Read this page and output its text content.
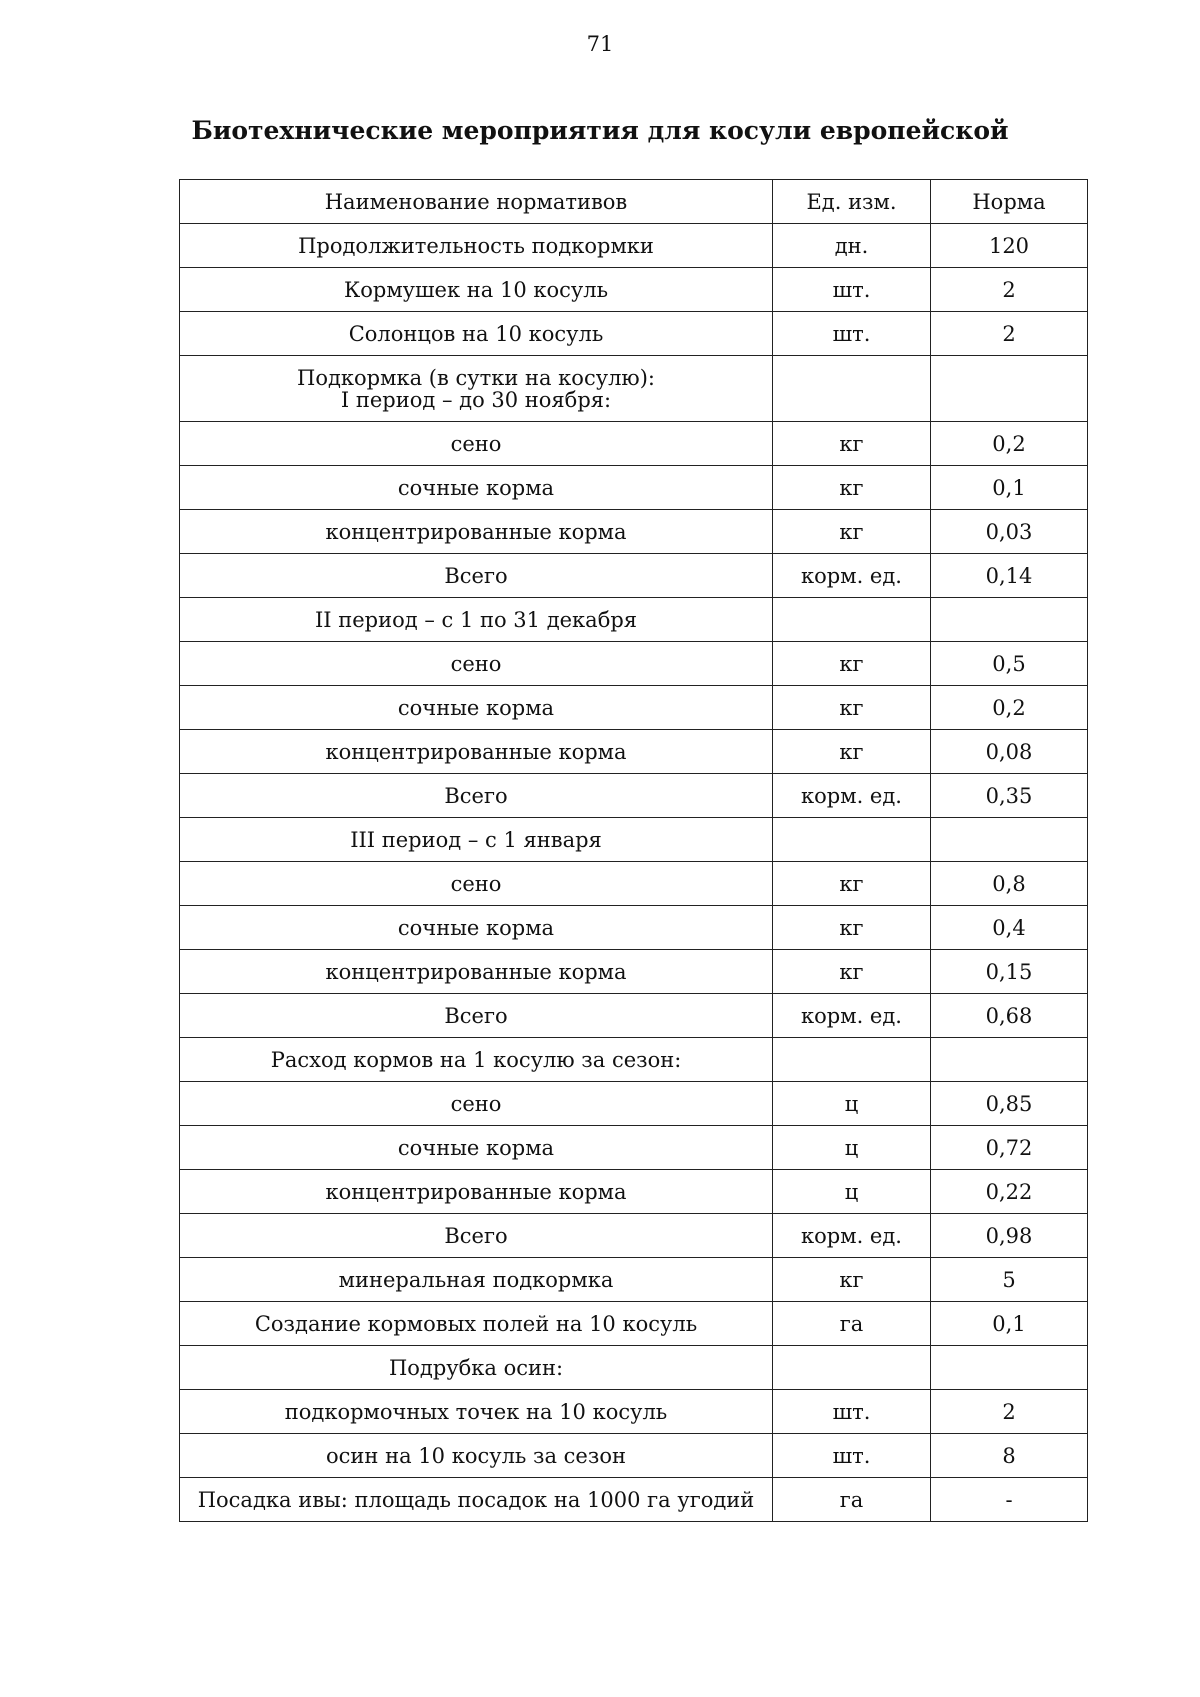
71
Биотехнические мероприятия для косули европейской
Наименование нормативов	Ед. изм.	Норма

Продолжительность подкормки	дн.	120

Кормушек на 10 косуль	шт.	2

Солонцов на 10 косуль	шт.	2

Подкормка (в сутки на косулю):
I период – до 30 ноября:		

сено	кг	0,2

сочные корма	кг	0,1

концентрированные корма	кг	0,03

Всего	корм. ед.	0,14

II период – с 1 по 31 декабря		

сено	кг	0,5

сочные корма	кг	0,2

концентрированные корма	кг	0,08

Всего	корм. ед.	0,35

III период – с 1 января		

сено	кг	0,8

сочные корма	кг	0,4

концентрированные корма	кг	0,15

Всего	корм. ед.	0,68

Расход кормов на 1 косулю за сезон:		

сено	ц	0,85

сочные корма	ц	0,72

концентрированные корма	ц	0,22

Всего	корм. ед.	0,98

минеральная подкормка	кг	5

Создание кормовых полей на 10 косуль	га	0,1

Подрубка осин:		

подкормочных точек на 10 косуль	шт.	2

осин на 10 косуль за сезон	шт.	8

Посадка ивы: площадь посадок на 1000 га угодий	га	-
